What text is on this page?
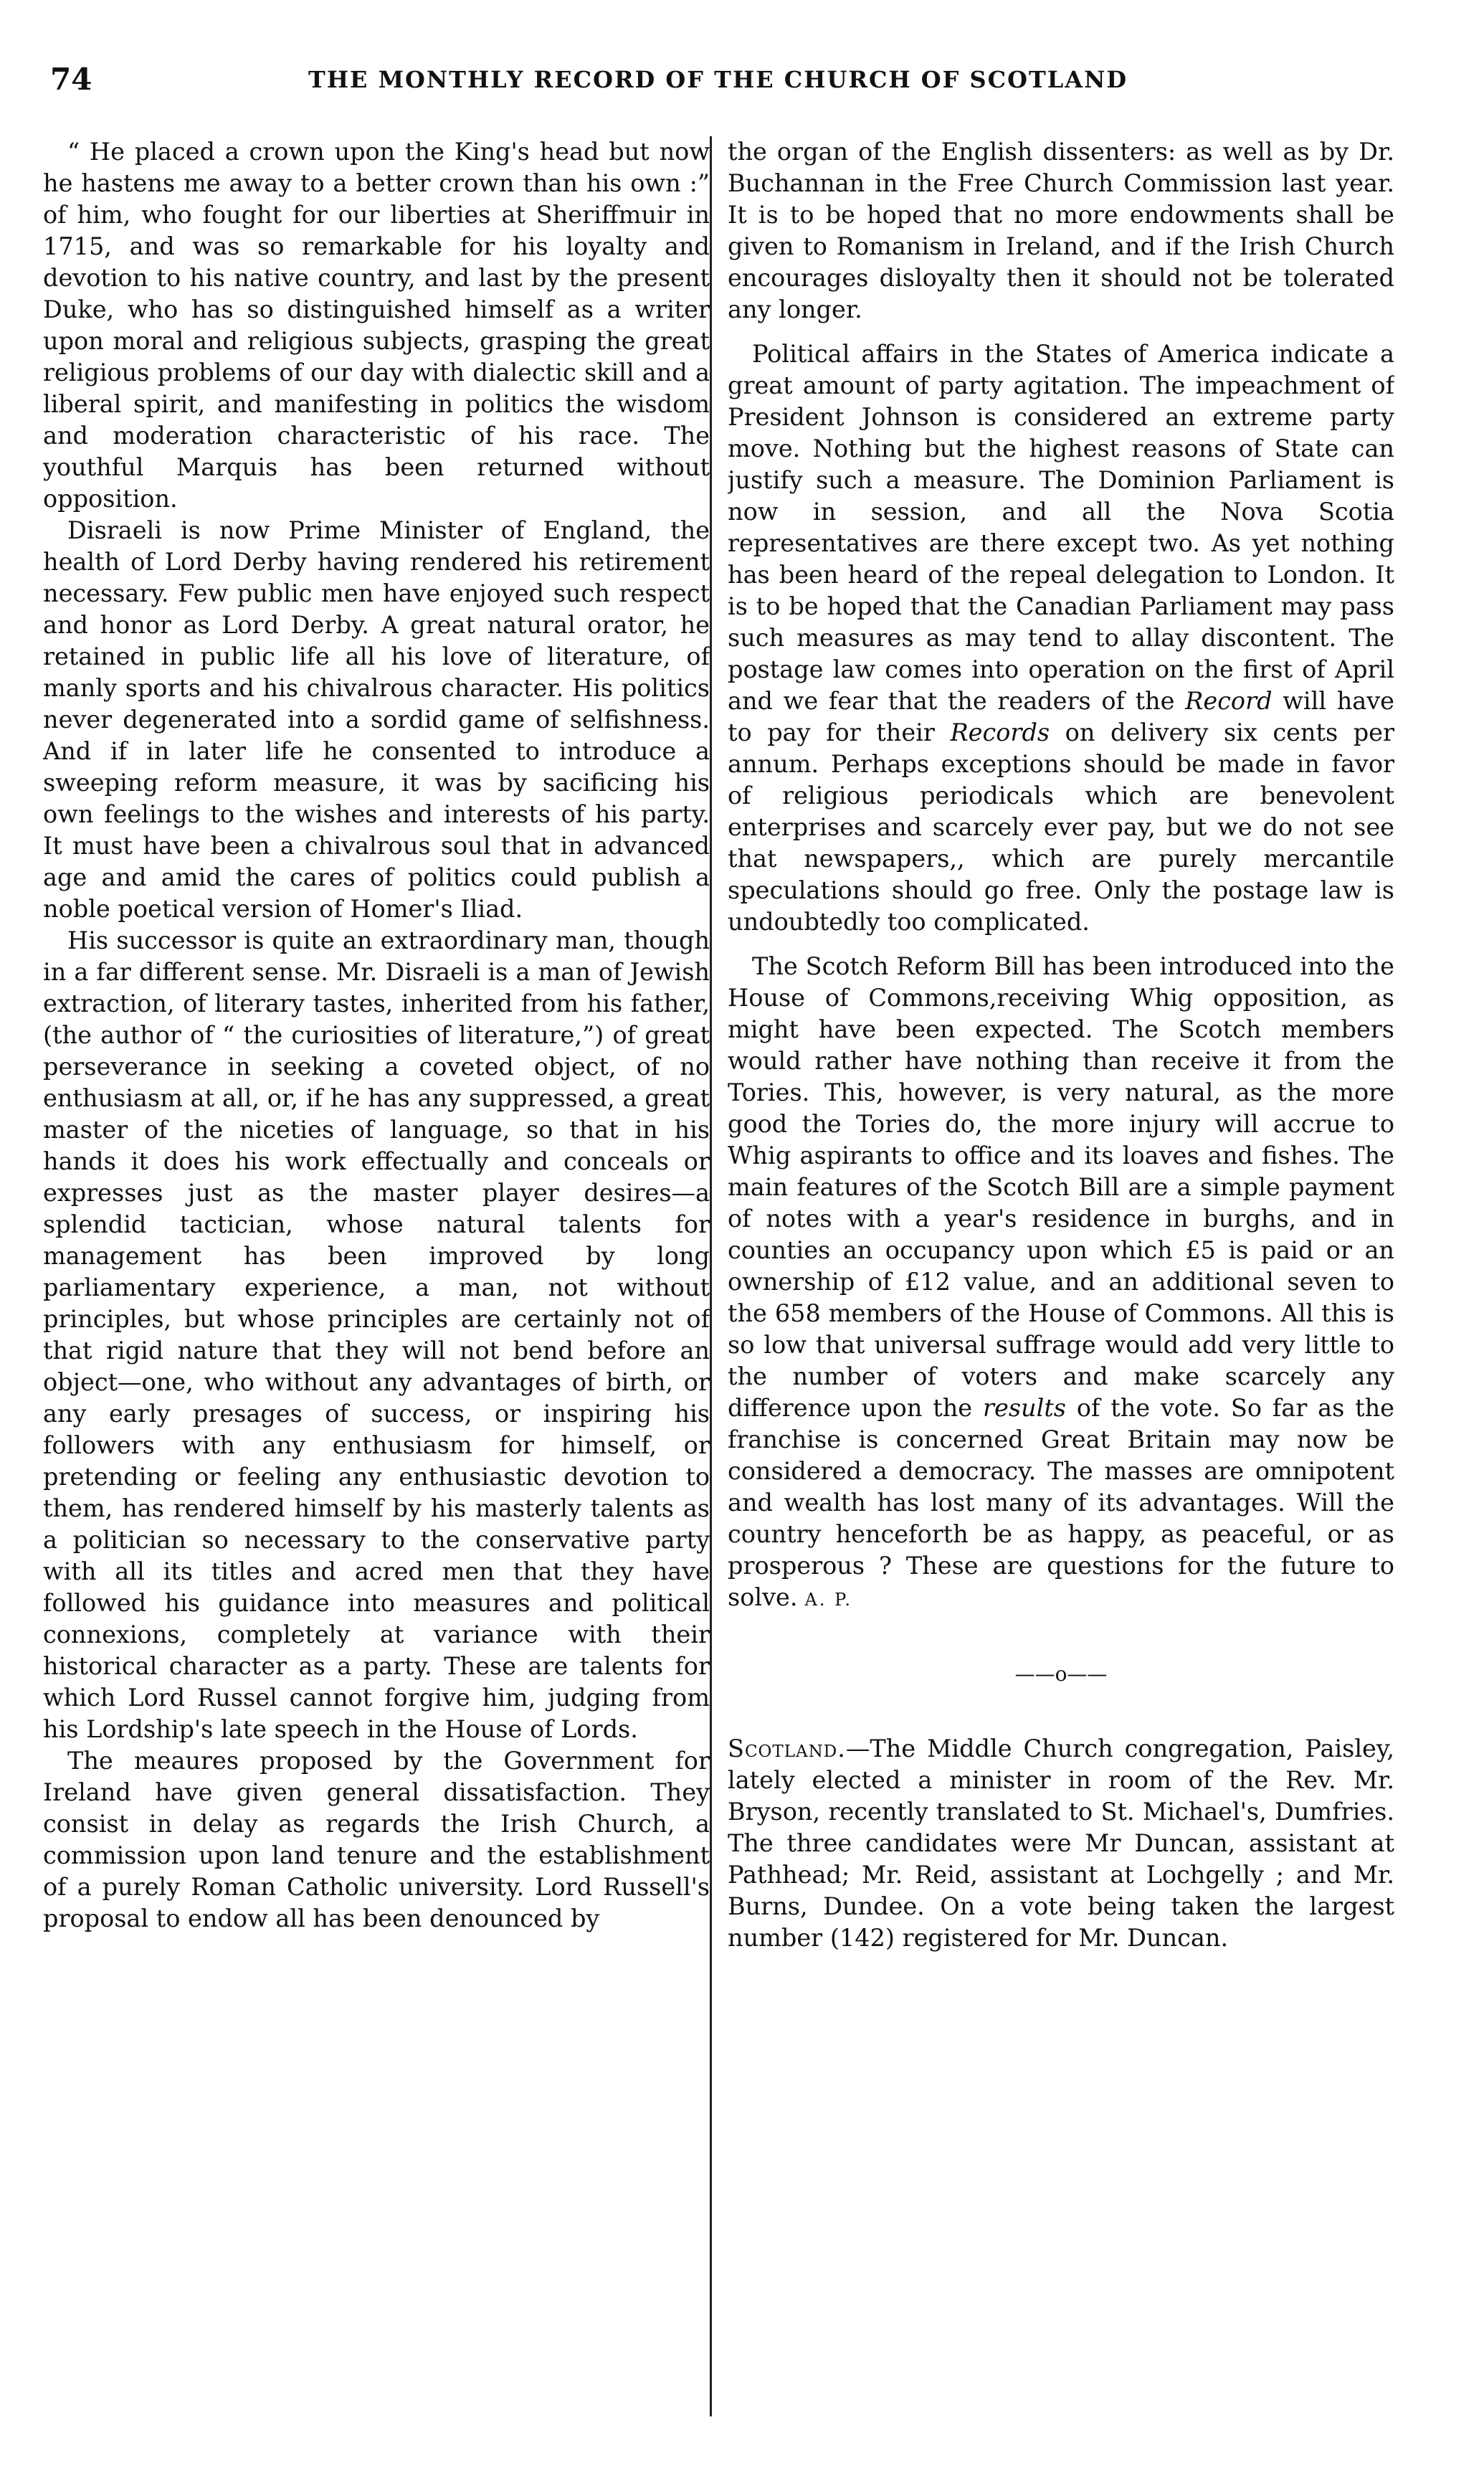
74	THE MONTHLY RECORD OF THE CHURCH OF SCOTLAND

“ He placed a crown upon the King's head but now he hastens me away to a better crown than his own :” of him, who fought for our liberties at Sheriffmuir in 1715, and was so remarkable for his loyalty and devotion to his native country, and last by the present Duke, who has so distinguished himself as a writer upon moral and religious subjects, grasping the great religious problems of our day with dialectic skill and a liberal spirit, and manifesting in politics the wisdom and moderation characteristic of his race. The youthful Marquis has been returned without opposition.

Disraeli is now Prime Minister of England, the health of Lord Derby having rendered his retirement necessary. Few public men have enjoyed such respect and honor as Lord Derby. A great natural orator, he retained in public life all his love of literature, of manly sports and his chivalrous character. His politics never degenerated into a sordid game of selfishness. And if in later life he consented to introduce a sweeping reform measure, it was by sacificing his own feelings to the wishes and interests of his party. It must have been a chivalrous soul that in advanced age and amid the cares of politics could publish a noble poetical version of Homer's Iliad.

His successor is quite an extraordinary man, though in a far different sense. Mr. Disraeli is a man of Jewish extraction, of literary tastes, inherited from his father, (the author of “ the curiosities of literature,”) of great perseverance in seeking a coveted object, of no enthusiasm at all, or, if he has any suppressed, a great master of the niceties of language, so that in his hands it does his work effectually and conceals or expresses just as the master player desires—a splendid tactician, whose natural talents for management has been improved by long parliamentary experience, a man, not without principles, but whose principles are certainly not of that rigid nature that they will not bend before an object—one, who without any advantages of birth, or any early presages of success, or inspiring his followers with any enthusiasm for himself, or pretending or feeling any enthusiastic devotion to them, has rendered himself by his masterly talents as a politician so necessary to the conservative party with all its titles and acred men that they have followed his guidance into measures and political connexions, completely at variance with their historical character as a party. These are talents for which Lord Russel cannot forgive him, judging from his Lordship's late speech in the House of Lords.

The meaures proposed by the Government for Ireland have given general dissatisfaction. They consist in delay as regards the Irish Church, a commission upon land tenure and the establishment of a purely Roman Catholic university. Lord Russell's proposal to endow all has been denounced by

the organ of the English dissenters: as well as by Dr. Buchannan in the Free Church Commission last year. It is to be hoped that no more endowments shall be given to Romanism in Ireland, and if the Irish Church encourages disloyalty then it should not be tolerated any longer.

Political affairs in the States of America indicate a great amount of party agitation. The impeachment of President Johnson is considered an extreme party move. Nothing but the highest reasons of State can justify such a measure. The Dominion Parliament is now in session, and all the Nova Scotia representatives are there except two. As yet nothing has been heard of the repeal delegation to London. It is to be hoped that the Canadian Parliament may pass such measures as may tend to allay discontent. The postage law comes into operation on the first of April and we fear that the readers of the Record will have to pay for their Records on delivery six cents per annum. Perhaps exceptions should be made in favor of religious periodicals which are benevolent enterprises and scarcely ever pay, but we do not see that newspapers,, which are purely mercantile speculations should go free. Only the postage law is undoubtedly too complicated.

The Scotch Reform Bill has been introduced into the House of Commons,receiving Whig opposition, as might have been expected. The Scotch members would rather have nothing than receive it from the Tories. This, however, is very natural, as the more good the Tories do, the more injury will accrue to Whig aspirants to office and its loaves and fishes. The main features of the Scotch Bill are a simple payment of notes with a year's residence in burghs, and in counties an occupancy upon which £5 is paid or an ownership of £12 value, and an additional seven to the 658 members of the House of Commons. All this is so low that universal suffrage would add very little to the number of voters and make scarcely any difference upon the results of the vote. So far as the franchise is concerned Great Britain may now be considered a democracy. The masses are omnipotent and wealth has lost many of its advantages. Will the country henceforth be as happy, as peaceful, or as prosperous ? These are questions for the future to solve. A. P.

——o——

Scotland.—The Middle Church congregation, Paisley, lately elected a minister in room of the Rev. Mr. Bryson, recently translated to St. Michael's, Dumfries. The three candidates were Mr Duncan, assistant at Pathhead; Mr. Reid, assistant at Lochgelly ; and Mr. Burns, Dundee. On a vote being taken the largest number (142) registered for Mr. Duncan.
